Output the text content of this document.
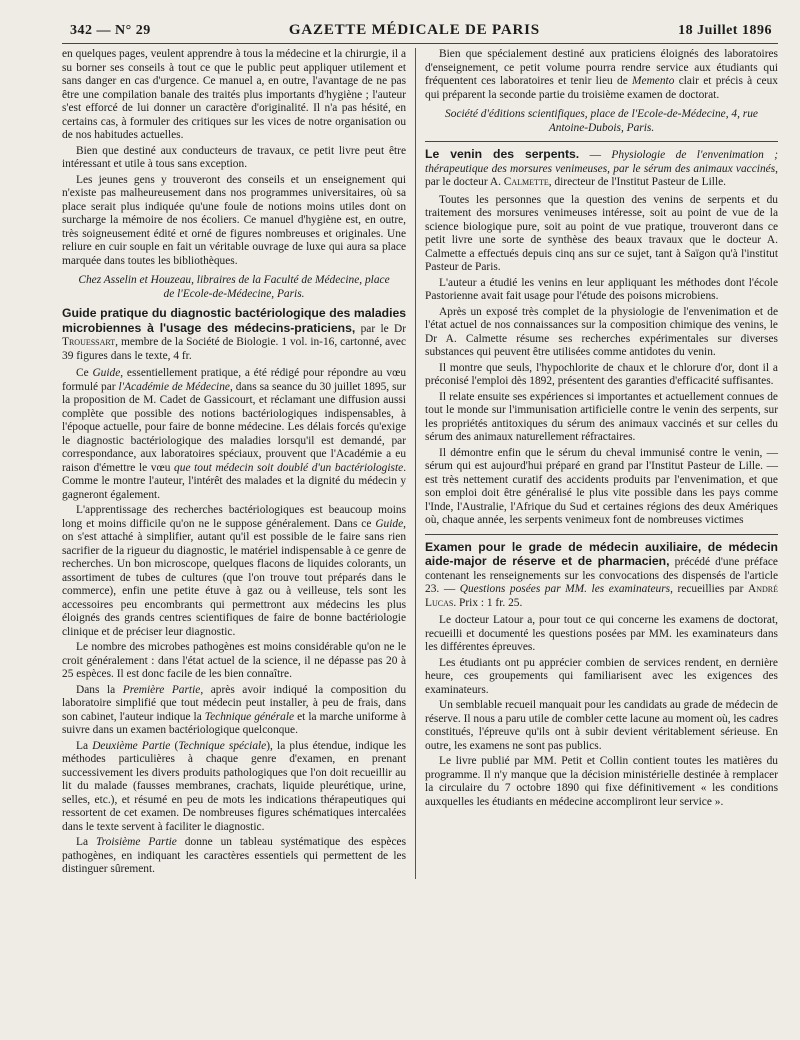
342 — N° 29	GAZETTE MÉDICALE DE PARIS	18 Juillet 1896

en quelques pages, veulent apprendre à tous la médecine et la chirurgie, il a su borner ses conseils à tout ce que le public peut appliquer utilement et sans danger en cas d'urgence. Ce manuel a, en outre, l'avantage de ne pas être une compilation banale des traités plus importants d'hygiène ; l'auteur s'est efforcé de lui donner un caractère d'originalité. Il n'a pas hésité, en certains cas, à formuler des critiques sur les vices de notre organisation ou de nos habitudes actuelles.

Bien que destiné aux conducteurs de travaux, ce petit livre peut être intéressant et utile à tous sans exception.

Les jeunes gens y trouveront des conseils et un enseignement qui n'existe pas malheureusement dans nos programmes universitaires, où sa place serait plus indiquée qu'une foule de notions moins utiles dont on surcharge la mémoire de nos écoliers. Ce manuel d'hygiène est, en outre, très soigneusement édité et orné de figures nombreuses et originales. Une reliure en cuir souple en fait un véritable ouvrage de luxe qui aura sa place marquée dans toutes les bibliothèques.

Chez Asselin et Houzeau, libraires de la Faculté de Médecine, place de l'Ecole-de-Médecine, Paris.

Guide pratique du diagnostic bactériologique des maladies microbiennes à l'usage des médecins-praticiens, par le Dr Trouessart, membre de la Société de Biologie. 1 vol. in-16, cartonné, avec 39 figures dans le texte, 4 fr.

Ce Guide, essentiellement pratique, a été rédigé pour répondre au vœu formulé par l'Académie de Médecine, dans sa seance du 30 juillet 1895, sur la proposition de M. Cadet de Gassicourt, et réclamant une diffusion aussi complète que possible des notions bactériologiques indispensables, à l'époque actuelle, pour faire de bonne médecine. Les délais forcés qu'exige le diagnostic bactériologique des maladies lorsqu'il est demandé, par correspondance, aux laboratoires spéciaux, prouvent que l'Académie a eu raison d'émettre le vœu que tout médecin soit doublé d'un bactériologiste. Comme le montre l'auteur, l'intérêt des malades et la dignité du médecin y gagneront également.

L'apprentissage des recherches bactériologiques est beaucoup moins long et moins difficile qu'on ne le suppose généralement. Dans ce Guide, on s'est attaché à simplifier, autant qu'il est possible de le faire sans rien sacrifier de la rigueur du diagnostic, le matériel indispensable à ce genre de recherches. Un bon microscope, quelques flacons de liquides colorants, un assortiment de tubes de cultures (que l'on trouve tout préparés dans le commerce), enfin une petite étuve à gaz ou à veilleuse, tels sont les accessoires peu encombrants qui permettront aux médecins les plus éloignés des grands centres scientifiques de faire de bonne bactériologie clinique et de préciser leur diagnostic.

Le nombre des microbes pathogènes est moins considérable qu'on ne le croit généralement : dans l'état actuel de la science, il ne dépasse pas 20 à 25 espèces. Il est donc facile de les bien connaître.

Dans la Première Partie, après avoir indiqué la composition du laboratoire simplifié que tout médecin peut installer, à peu de frais, dans son cabinet, l'auteur indique la Technique générale et la marche uniforme à suivre dans un examen bactériologique quelconque.

La Deuxième Partie (Technique spéciale), la plus étendue, indique les méthodes particulières à chaque genre d'examen, en prenant successivement les divers produits pathologiques que l'on doit recueillir au lit du malade (fausses membranes, crachats, liquide pleurétique, urine, selles, etc.), et résumé en peu de mots les indications thérapeutiques qui ressortent de cet examen. De nombreuses figures schématiques intercalées dans le texte servent à faciliter le diagnostic.

La Troisième Partie donne un tableau systématique des espèces pathogènes, en indiquant les caractères essentiels qui permettent de les distinguer sûrement.

Bien que spécialement destiné aux praticiens éloignés des laboratoires d'enseignement, ce petit volume pourra rendre service aux étudiants qui fréquentent ces laboratoires et tenir lieu de Memento clair et précis à ceux qui préparent la seconde partie du troisième examen de doctorat.

Société d'éditions scientifiques, place de l'Ecole-de-Médecine, 4, rue Antoine-Dubois, Paris.

Le venin des serpents. — Physiologie de l'envenimation ; thérapeutique des morsures venimeuses, par le sérum des animaux vaccinés, par le docteur A. Calmette, directeur de l'Institut Pasteur de Lille.

Toutes les personnes que la question des venins de serpents et du traitement des morsures venimeuses intéresse, soit au point de vue de la science biologique pure, soit au point de vue pratique, trouveront dans ce petit livre une sorte de synthèse des beaux travaux que le docteur A. Calmette a effectués depuis cinq ans sur ce sujet, tant à Saïgon qu'à l'institut Pasteur de Paris.

L'auteur a étudié les venins en leur appliquant les méthodes dont l'école Pastorienne avait fait usage pour l'étude des poisons microbiens.

Après un exposé très complet de la physiologie de l'envenimation et de l'état actuel de nos connaissances sur la composition chimique des venins, le Dr A. Calmette résume ses recherches expérimentales sur diverses substances qui peuvent être utilisées comme antidotes du venin.

Il montre que seuls, l'hypochlorite de chaux et le chlorure d'or, dont il a préconisé l'emploi dès 1892, présentent des garanties d'efficacité suffisantes.

Il relate ensuite ses expériences si importantes et actuellement connues de tout le monde sur l'immunisation artificielle contre le venin des serpents, sur les propriétés antitoxiques du sérum des animaux vaccinés et sur celles du sérum des animaux naturellement réfractaires.

Il démontre enfin que le sérum du cheval immunisé contre le venin, — sérum qui est aujourd'hui préparé en grand par l'Institut Pasteur de Lille. — est très nettement curatif des accidents produits par l'envenimation, et que son emploi doit être généralisé le plus vite possible dans les pays comme l'Inde, l'Australie, l'Afrique du Sud et certaines régions des deux Amériques où, chaque année, les serpents venimeux font de nombreuses victimes

Examen pour le grade de médecin auxiliaire, de médecin aide-major de réserve et de pharmacien, précédé d'une préface contenant les renseignements sur les convocations des dispensés de l'article 23. — Questions posées par MM. les examinateurs, recueillies par André Lucas. Prix : 1 fr. 25.

Le docteur Latour a, pour tout ce qui concerne les examens de doctorat, recueilli et documenté les questions posées par MM. les examinateurs dans les différentes épreuves.

Les étudiants ont pu apprécier combien de services rendent, en dernière heure, ces groupements qui familiarisent avec les exigences des examinateurs.

Un semblable recueil manquait pour les candidats au grade de médecin de réserve. Il nous a paru utile de combler cette lacune au moment où, les cadres constitués, l'épreuve qu'ils ont à subir devient véritablement sérieuse. En outre, les examens ne sont pas publics.

Le livre publié par MM. Petit et Collin contient toutes les matières du programme. Il n'y manque que la décision ministérielle destinée à remplacer la circulaire du 7 octobre 1890 qui fixe définitivement « les conditions auxquelles les étudiants en médecine accompliront leur service ».
